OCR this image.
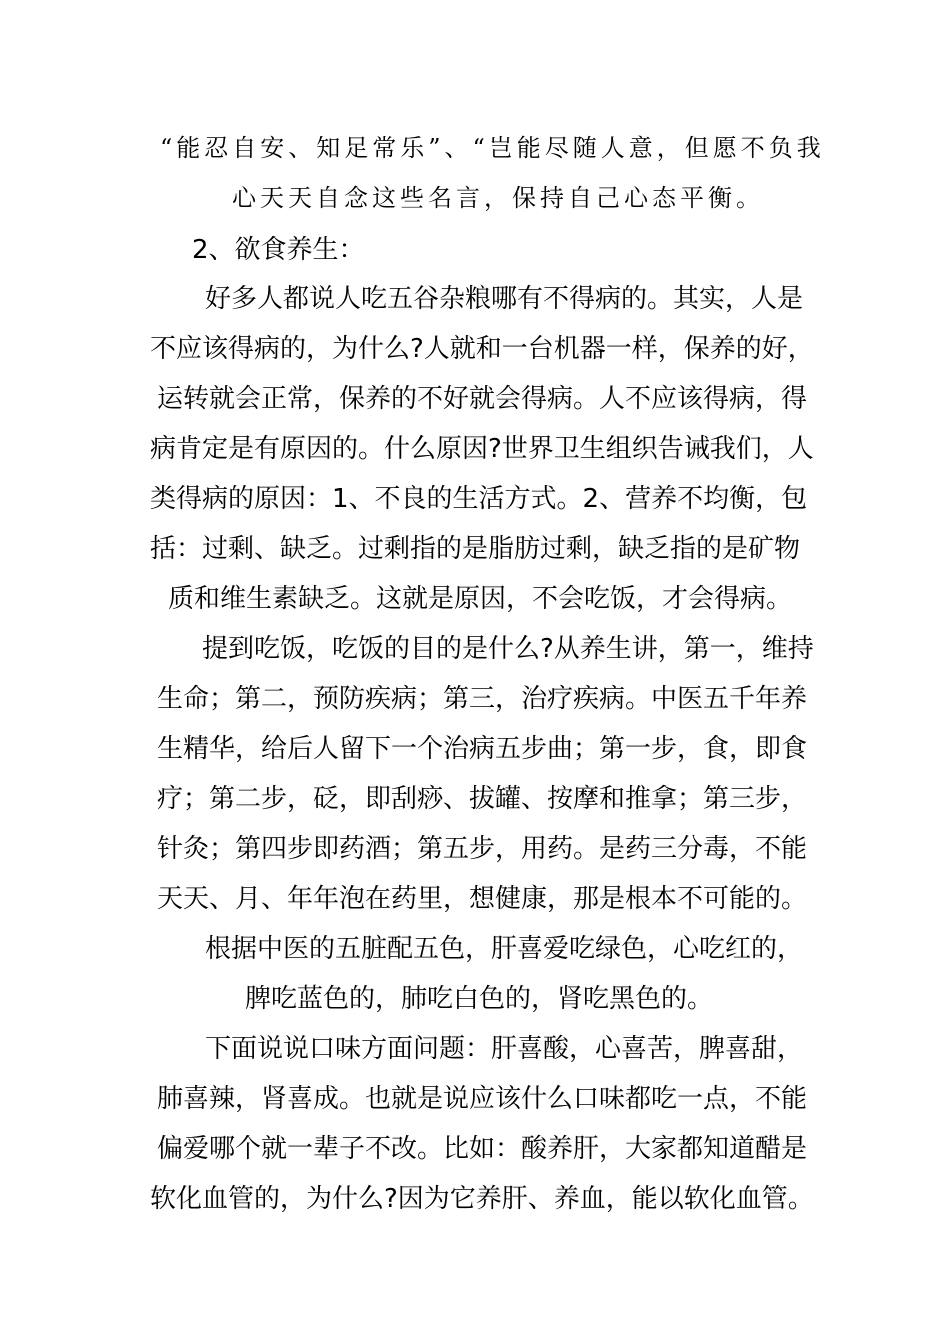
“能忍自安、知足常乐”、“岂能尽随人意，但愿不负我
心天天自念这些名言，保持自己心态平衡。
2、欲食养生：
好多人都说人吃五谷杂粮哪有不得病的。其实，人是
不应该得病的，为什么?人就和一台机器一样，保养的好，
运转就会正常，保养的不好就会得病。人不应该得病，得
病肯定是有原因的。什么原因?世界卫生组织告诫我们，人
类得病的原因：1、不良的生活方式。2、营养不均衡，包
括：过剩、缺乏。过剩指的是脂肪过剩，缺乏指的是矿物
质和维生素缺乏。这就是原因，不会吃饭，才会得病。
提到吃饭，吃饭的目的是什么?从养生讲，第一，维持
生命；第二，预防疾病；第三，治疗疾病。中医五千年养
生精华，给后人留下一个治病五步曲；第一步，食，即食
疗；第二步，砭，即刮痧、拔罐、按摩和推拿；第三步，
针灸；第四步即药酒；第五步，用药。是药三分毒，不能
天天、月、年年泡在药里，想健康，那是根本不可能的。
根据中医的五脏配五色，肝喜爱吃绿色，心吃红的，
脾吃蓝色的，肺吃白色的，肾吃黑色的。
下面说说口味方面问题：肝喜酸，心喜苦，脾喜甜，
肺喜辣，肾喜成。也就是说应该什么口味都吃一点，不能
偏爱哪个就一辈子不改。比如：酸养肝，大家都知道醋是
软化血管的，为什么?因为它养肝、养血，能以软化血管。
